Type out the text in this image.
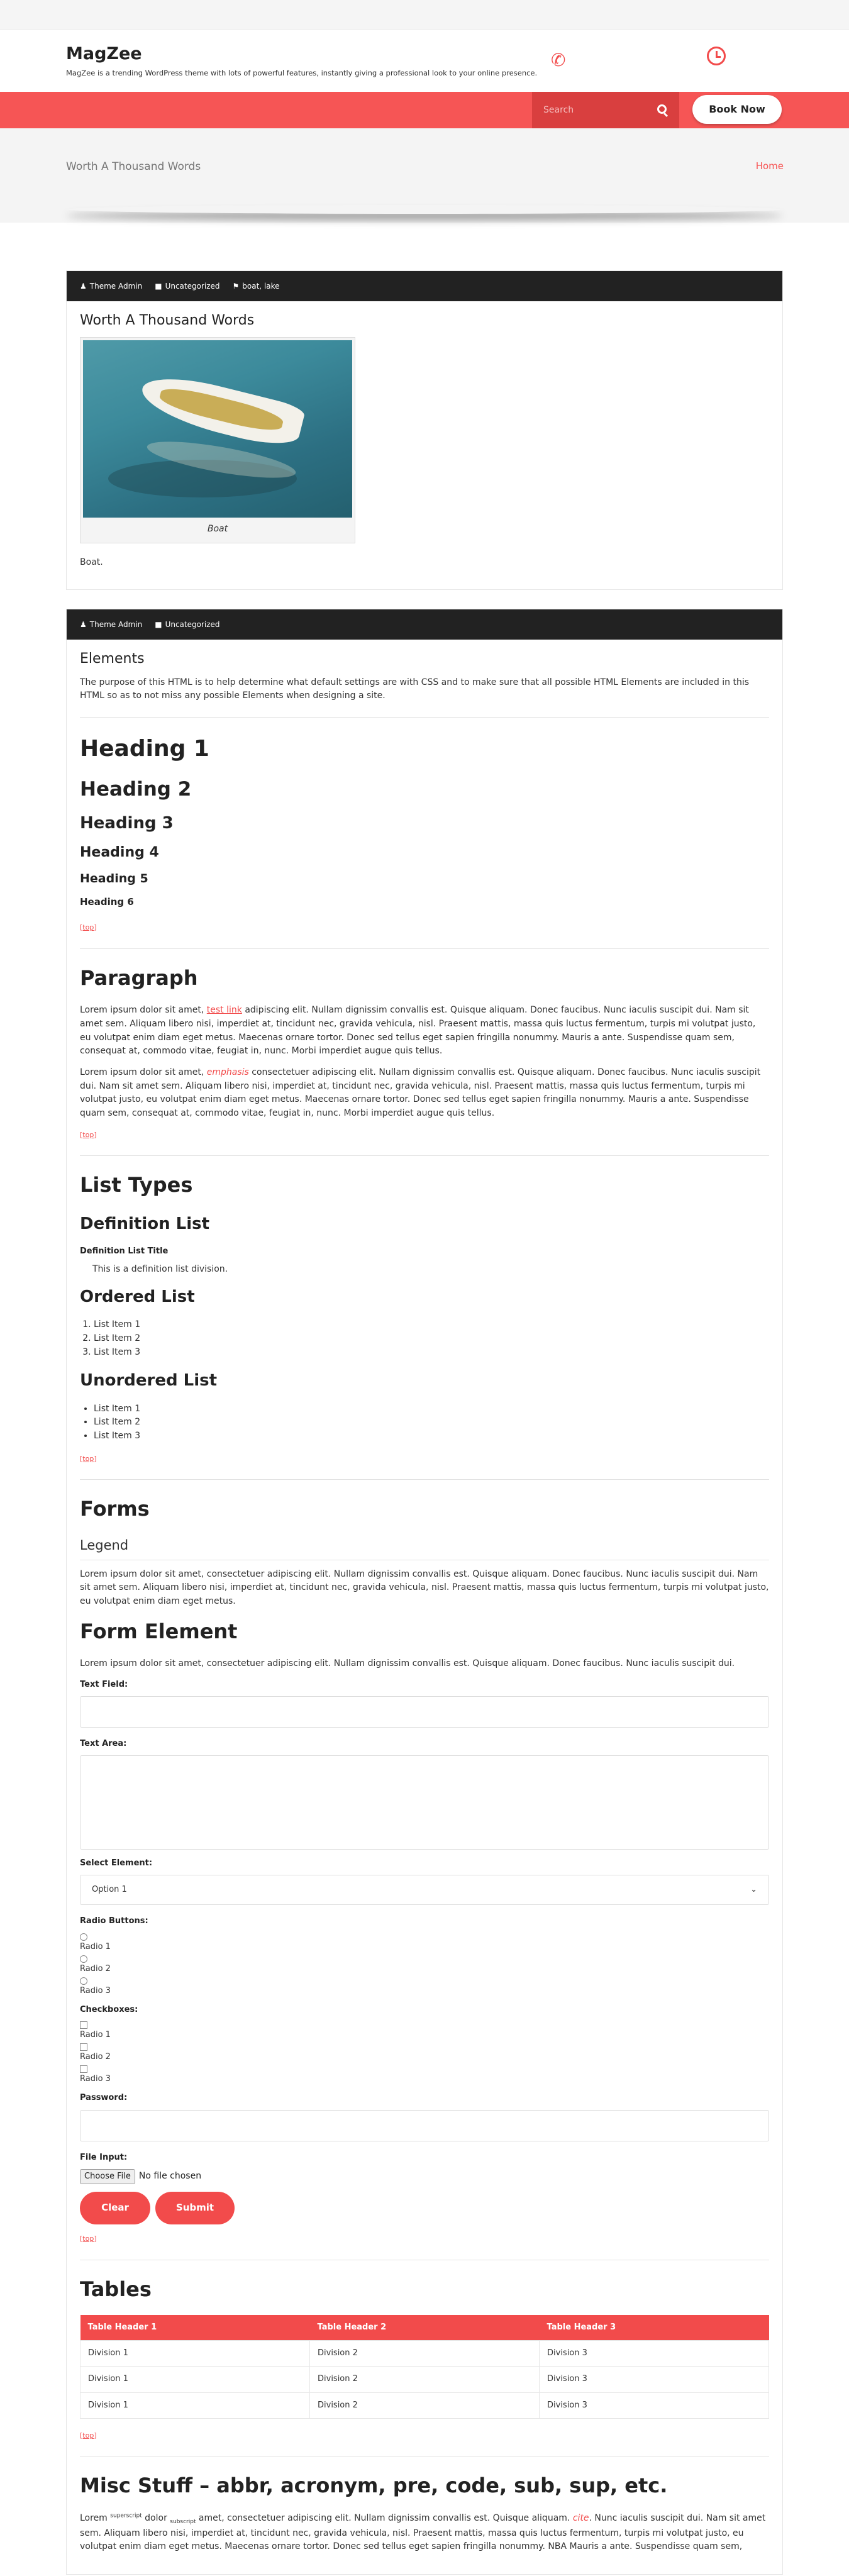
MagZee
MagZee is a trending WordPress theme with lots of powerful features, instantly giving a professional look to your online presence.
✆
Search
Book Now
Worth A Thousand Words	Home
♟ Theme Admin ■ Uncategorized ⚑ boat, lake
Worth A Thousand Words
Boat

Boat.

♟ Theme Admin ■ Uncategorized
Elements

The purpose of this HTML is to help determine what default settings are with CSS and to make sure that all possible HTML Elements are included in this HTML so as to not miss any possible Elements when designing a site.

Heading 1
Heading 2
Heading 3
Heading 4
Heading 5
Heading 6
[top]
Paragraph

Lorem ipsum dolor sit amet, test link adipiscing elit. Nullam dignissim convallis est. Quisque aliquam. Donec faucibus. Nunc iaculis suscipit dui. Nam sit amet sem. Aliquam libero nisi, imperdiet at, tincidunt nec, gravida vehicula, nisl. Praesent mattis, massa quis luctus fermentum, turpis mi volutpat justo, eu volutpat enim diam eget metus. Maecenas ornare tortor. Donec sed tellus eget sapien fringilla nonummy. Mauris a ante. Suspendisse quam sem, consequat at, commodo vitae, feugiat in, nunc. Morbi imperdiet augue quis tellus.

Lorem ipsum dolor sit amet, emphasis consectetuer adipiscing elit. Nullam dignissim convallis est. Quisque aliquam. Donec faucibus. Nunc iaculis suscipit dui. Nam sit amet sem. Aliquam libero nisi, imperdiet at, tincidunt nec, gravida vehicula, nisl. Praesent mattis, massa quis luctus fermentum, turpis mi volutpat justo, eu volutpat enim diam eget metus. Maecenas ornare tortor. Donec sed tellus eget sapien fringilla nonummy. Mauris a ante. Suspendisse quam sem, consequat at, commodo vitae, feugiat in, nunc. Morbi imperdiet augue quis tellus.

[top]
List Types
Definition List
Definition List Title
This is a definition list division.
Ordered List
1. List Item 1
2. List Item 2
3. List Item 3
Unordered List
• List Item 1
• List Item 2
• List Item 3
[top]
Forms
Legend

Lorem ipsum dolor sit amet, consectetuer adipiscing elit. Nullam dignissim convallis est. Quisque aliquam. Donec faucibus. Nunc iaculis suscipit dui. Nam sit amet sem. Aliquam libero nisi, imperdiet at, tincidunt nec, gravida vehicula, nisl. Praesent mattis, massa quis luctus fermentum, turpis mi volutpat justo, eu volutpat enim diam eget metus.

Form Element

Lorem ipsum dolor sit amet, consectetuer adipiscing elit. Nullam dignissim convallis est. Quisque aliquam. Donec faucibus. Nunc iaculis suscipit dui.

Text Field:
Text Area:
Select Element:
Option 1	⌄
Radio Buttons:
Radio 1
Radio 2
Radio 3
Checkboxes:
Radio 1
Radio 2
Radio 3
Password:
File Input:
Choose File No file chosen
Clear	Submit
[top]
Tables
Table Header 1	Table Header 2	Table Header 3
Division 1	Division 2	Division 3
Division 1	Division 2	Division 3
Division 1	Division 2	Division 3
[top]
Misc Stuff – abbr, acronym, pre, code, sub, sup, etc.

Lorem $^{superscript}$ dolor $_{subscript}$ amet, consectetuer adipiscing elit. Nullam dignissim convallis est. Quisque aliquam. cite. Nunc iaculis suscipit dui. Nam sit amet sem. Aliquam libero nisi, imperdiet at, tincidunt nec, gravida vehicula, nisl. Praesent mattis, massa quis luctus fermentum, turpis mi volutpat justo, eu volutpat enim diam eget metus. Maecenas ornare tortor. Donec sed tellus eget sapien fringilla nonummy. NBA Mauris a ante. Suspendisse quam sem,
